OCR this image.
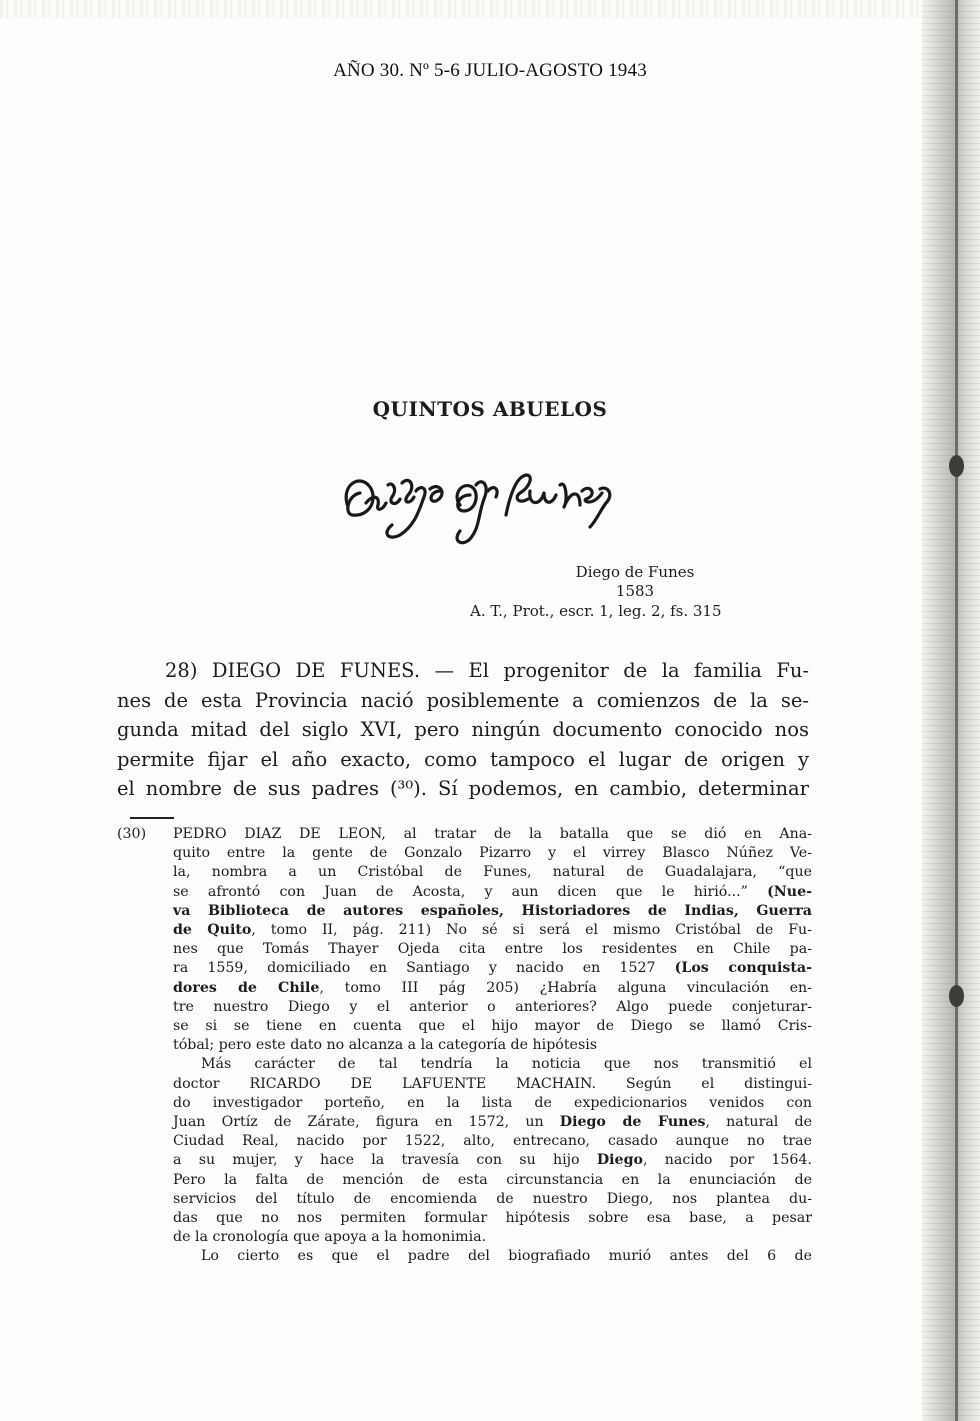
AÑO 30. Nº 5-6 JULIO-AGOSTO 1943
QUINTOS ABUELOS
Diego de Funes
1583
A. T., Prot., escr. 1, leg. 2, fs. 315
28) DIEGO DE FUNES. — El progenitor de la familia Fu-
nes de esta Provincia nació posiblemente a comienzos de la se-
gunda mitad del siglo XVI, pero ningún documento conocido nos
permite fijar el año exacto, como tampoco el lugar de origen y
el nombre de sus padres (³⁰). Sí podemos, en cambio, determinar
(30)	PEDRO DIAZ DE LEON, al tratar de la batalla que se dió en Ana-
quito entre la gente de Gonzalo Pizarro y el virrey Blasco Núñez Ve-
la, nombra a un Cristóbal de Funes, natural de Guadalajara, “que
se afrontó con Juan de Acosta, y aun dicen que le hirió...” (Nue-
va Biblioteca de autores españoles, Historiadores de Indias, Guerra
de Quito, tomo II, pág. 211) No sé si será el mismo Cristóbal de Fu-
nes que Tomás Thayer Ojeda cita entre los residentes en Chile pa-
ra 1559, domiciliado en Santiago y nacido en 1527 (Los conquista-
dores de Chile, tomo III pág 205) ¿Habría alguna vinculación en-
tre nuestro Diego y el anterior o anteriores? Algo puede conjeturar-
se si se tiene en cuenta que el hijo mayor de Diego se llamó Cris-
tóbal; pero este dato no alcanza a la categoría de hipótesis
Más carácter de tal tendría la noticia que nos transmitió el
doctor RICARDO DE LAFUENTE MACHAIN. Según el distingui-
do investigador porteño, en la lista de expedicionarios venidos con
Juan Ortíz de Zárate, figura en 1572, un Diego de Funes, natural de
Ciudad Real, nacido por 1522, alto, entrecano, casado aunque no trae
a su mujer, y hace la travesía con su hijo Diego, nacido por 1564.
Pero la falta de mención de esta circunstancia en la enunciación de
servicios del título de encomienda de nuestro Diego, nos plantea du-
das que no nos permiten formular hipótesis sobre esa base, a pesar
de la cronología que apoya a la homonimia.
Lo cierto es que el padre del biografiado murió antes del 6 de
